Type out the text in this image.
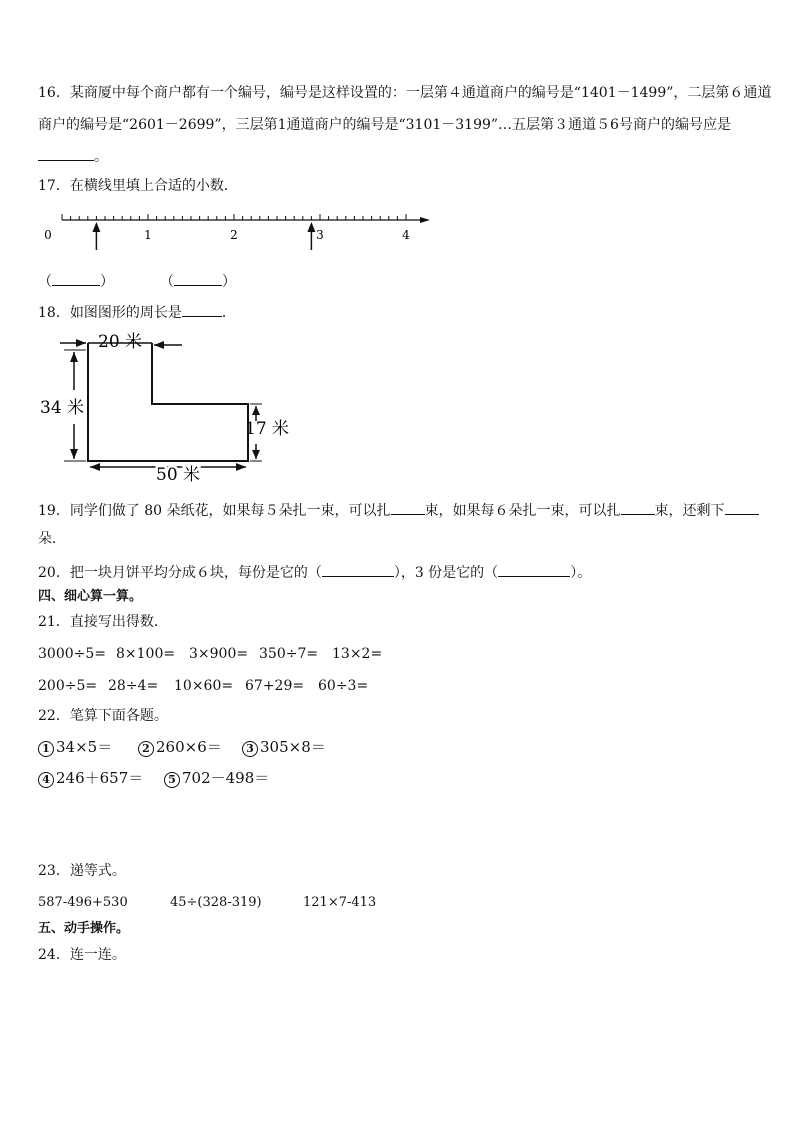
16．某商厦中每个商户都有一个编号，编号是这样设置的：一层第４通道商户的编号是“1401－1499”，二层第６通道
商户的编号是“2601－2699”，三层第1通道商户的编号是“3101－3199”…五层第３通道５6号商户的编号应是
。
17．在横线里填上合适的小数．
0	1	2	3	4
（	）	（	）
18．如图图形的周长是	．
20 米
34 米
17 米
50 米
19．同学们做了 80 朵纸花，如果每５朵扎一束，可以扎 束，如果每６朵扎一束，可以扎 束，还剩下
朵．
20．把一块月饼平均分成６块，每份是它的（	），3 份是它的（	）。
四、细心算一算。
21．直接写出得数．
3000÷5= 8×100= 3×900= 350÷7= 13×2=
200÷5= 28÷4= 10×60= 67+29= 60÷3=
22．笔算下面各题。
1 34×5＝	2 260×6＝	3 305×8＝
4 246＋657＝	5 702－498＝
23．递等式。
587-496+530	45÷(328-319)	121×7-413
五、动手操作。
24．连一连。
